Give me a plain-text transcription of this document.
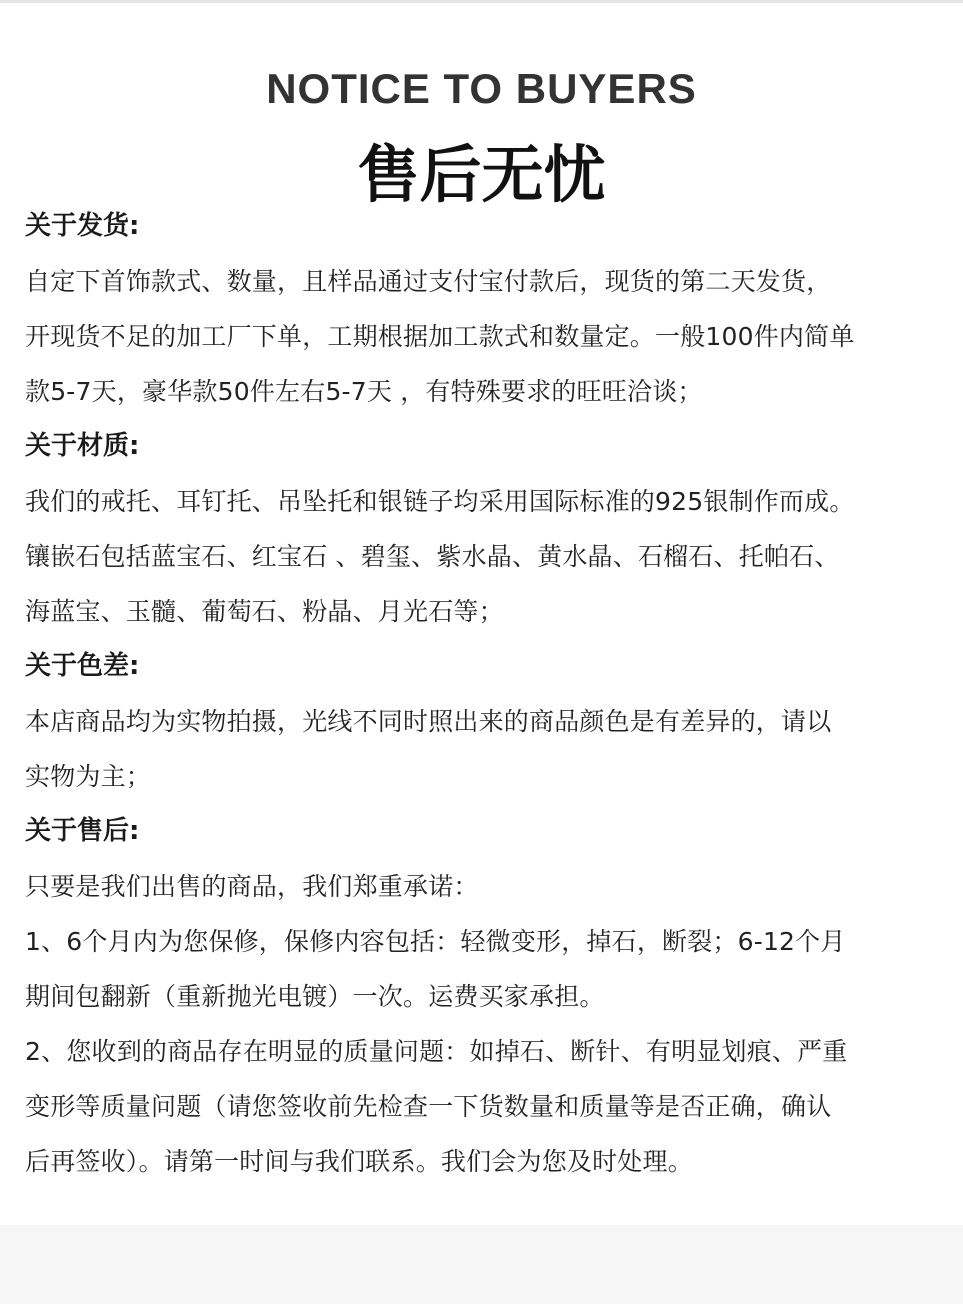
NOTICE TO BUYERS
售后无忧
关于发货:
自定下首饰款式、数量，且样品通过支付宝付款后，现货的第二天发货，
开现货不足的加工厂下单，工期根据加工款式和数量定。一般100件内简单
款5-7天，豪华款50件左右5-7天 ，有特殊要求的旺旺洽谈；
关于材质:
我们的戒托、耳钉托、吊坠托和银链子均采用国际标准的925银制作而成。
镶嵌石包括蓝宝石、红宝石 、碧玺、紫水晶、黄水晶、石榴石、托帕石、
海蓝宝、玉髓、葡萄石、粉晶、月光石等；
关于色差:
本店商品均为实物拍摄，光线不同时照出来的商品颜色是有差异的，请以
实物为主；
关于售后:
只要是我们出售的商品，我们郑重承诺：
1、6个月内为您保修，保修内容包括：轻微变形，掉石，断裂；6-12个月
期间包翻新（重新抛光电镀）一次。运费买家承担。
2、您收到的商品存在明显的质量问题：如掉石、断针、有明显划痕、严重
变形等质量问题（请您签收前先检查一下货数量和质量等是否正确，确认
后再签收）。请第一时间与我们联系。我们会为您及时处理。
